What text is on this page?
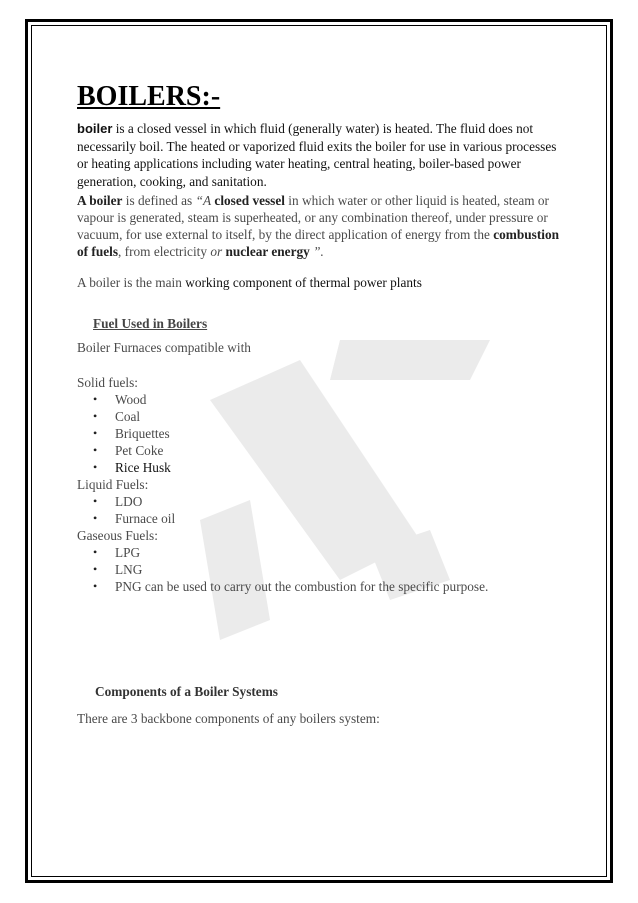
BOILERS:-

boiler is a closed vessel in which fluid (generally water) is heated. The fluid does not necessarily boil. The heated or vaporized fluid exits the boiler for use in various processes or heating applications including water heating, central heating, boiler-based power generation, cooking, and sanitation.

A boiler is defined as “A closed vessel in which water or other liquid is heated, steam or vapour is generated, steam is superheated, or any combination thereof, under pressure or vacuum, for use external to itself, by the direct application of energy from the combustion of fuels, from electricity or nuclear energy ”.

A boiler is the main working component of thermal power plants

Fuel Used in Boilers

Boiler Furnaces compatible with

Solid fuels:

• Wood
• Coal
• Briquettes
• Pet Coke
• Rice Husk

Liquid Fuels:

• LDO
• Furnace oil

Gaseous Fuels:

• LPG
• LNG
• PNG can be used to carry out the combustion for the specific purpose.
Components of a Boiler Systems

There are 3 backbone components of any boilers system:
